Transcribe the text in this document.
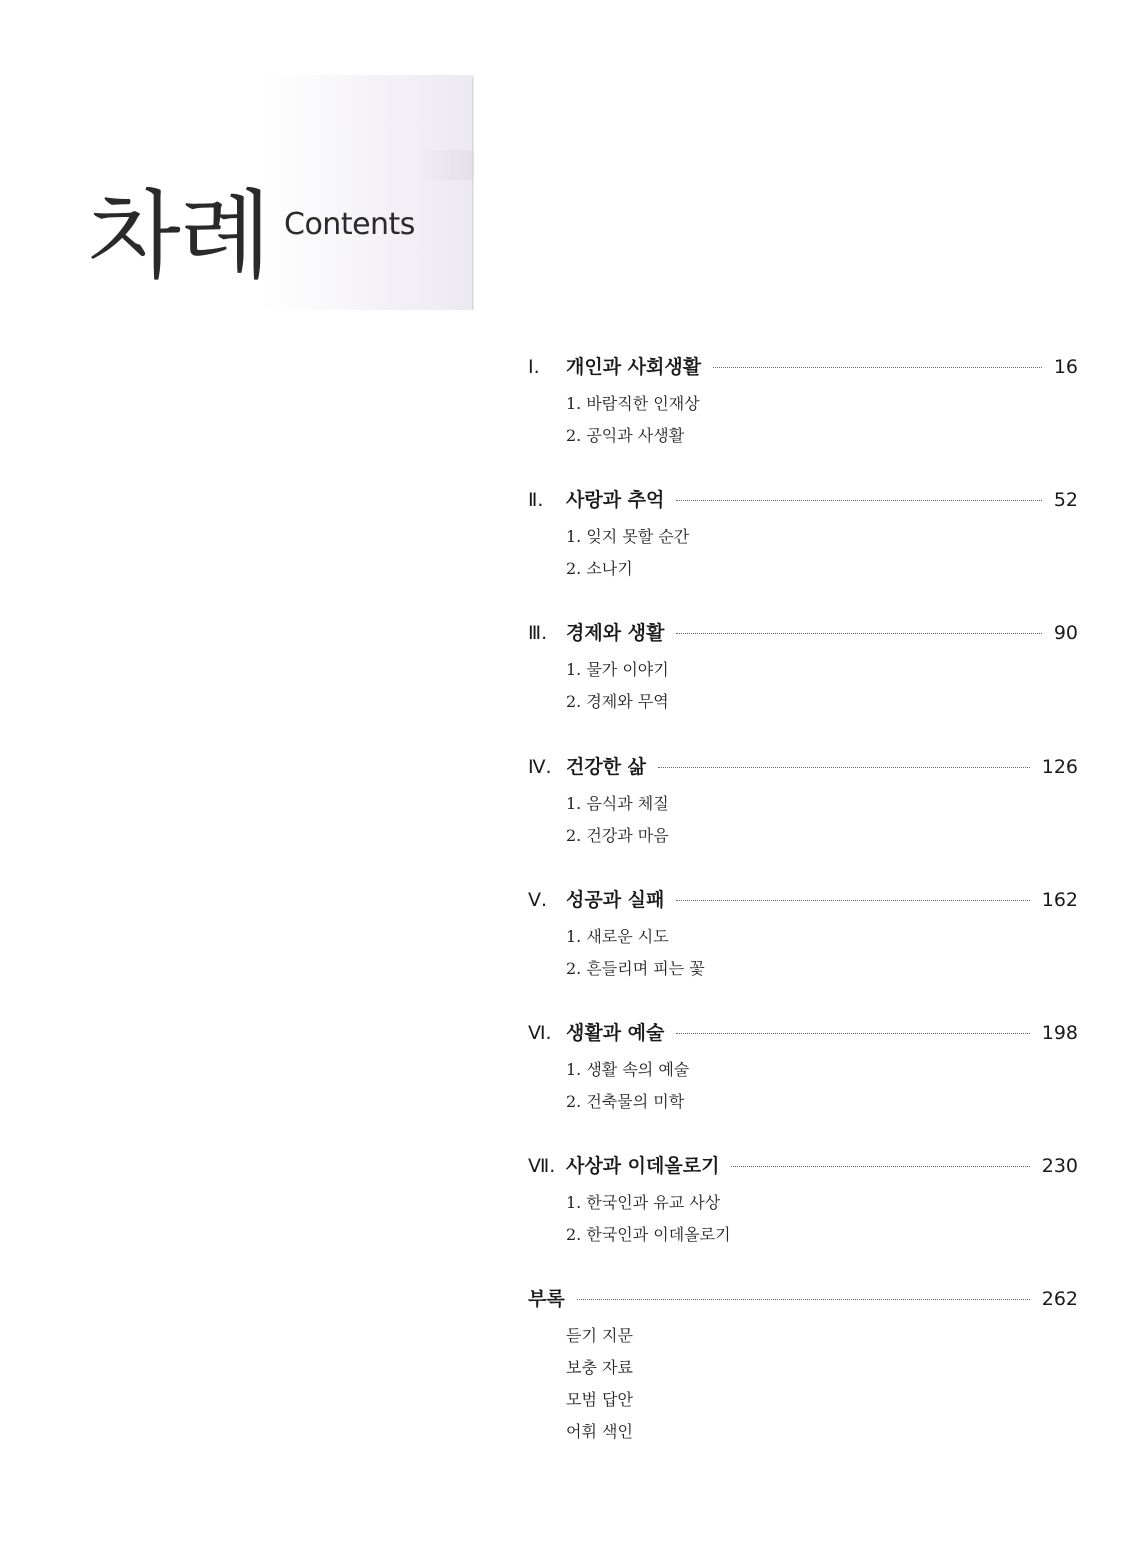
차례 Contents
Ⅰ.	개인과 사회생활	16
1. 바람직한 인재상
2. 공익과 사생활
Ⅱ.	사랑과 추억	52
1. 잊지 못할 순간
2. 소나기
Ⅲ. 경제와 생활	90
1. 물가 이야기
2. 경제와 무역
Ⅳ. 건강한 삶	126
1. 음식과 체질
2. 건강과 마음
Ⅴ. 성공과 실패	162
1. 새로운 시도
2. 흔들리며 피는 꽃
Ⅵ. 생활과 예술	198
1. 생활 속의 예술
2. 건축물의 미학
Ⅶ. 사상과 이데올로기	230
1. 한국인과 유교 사상
2. 한국인과 이데올로기
부록	262
듣기 지문
보충 자료
모범 답안
어휘 색인
